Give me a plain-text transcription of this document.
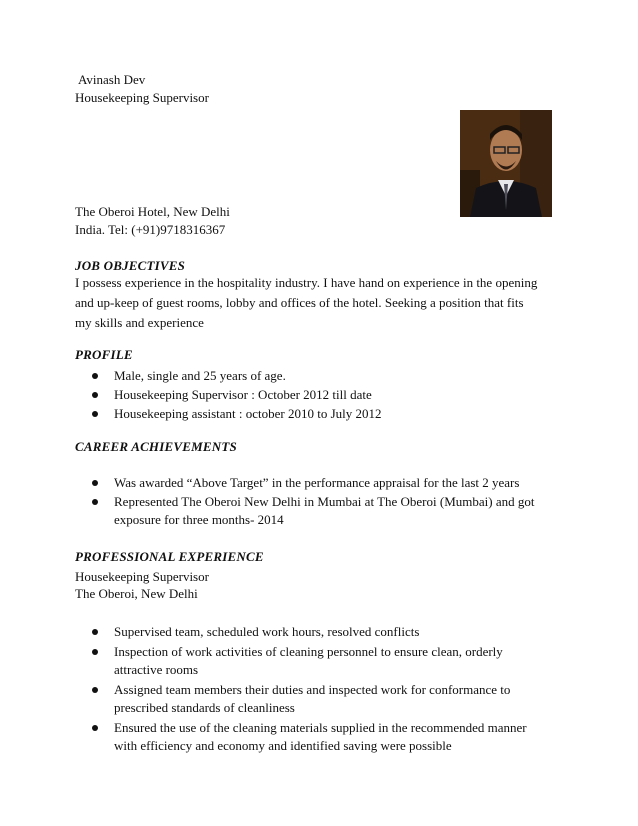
Avinash Dev
Housekeeping Supervisor
The Oberoi Hotel, New Delhi
India. Tel: (+91)9718316367
JOB OBJECTIVES
I possess experience in the hospitality industry. I have hand on experience in the opening
and up-keep of guest rooms, lobby and offices of the hotel. Seeking a position that fits
my skills and experience
PROFILE
Male, single and 25 years of age.
Housekeeping Supervisor : October 2012 till date
Housekeeping assistant : october 2010 to July 2012
CAREER ACHIEVEMENTS
Was awarded “Above Target” in the performance appraisal for the last 2 years
Represented The Oberoi New Delhi in Mumbai at The Oberoi (Mumbai) and got
exposure for three months- 2014
PROFESSIONAL EXPERIENCE
Housekeeping Supervisor
The Oberoi, New Delhi
Supervised team, scheduled work hours, resolved conflicts
Inspection of work activities of cleaning personnel to ensure clean, orderly
attractive rooms
Assigned team members their duties and inspected work for conformance to
prescribed standards of cleanliness
Ensured the use of the cleaning materials supplied in the recommended manner
with efficiency and economy and identified saving were possible
